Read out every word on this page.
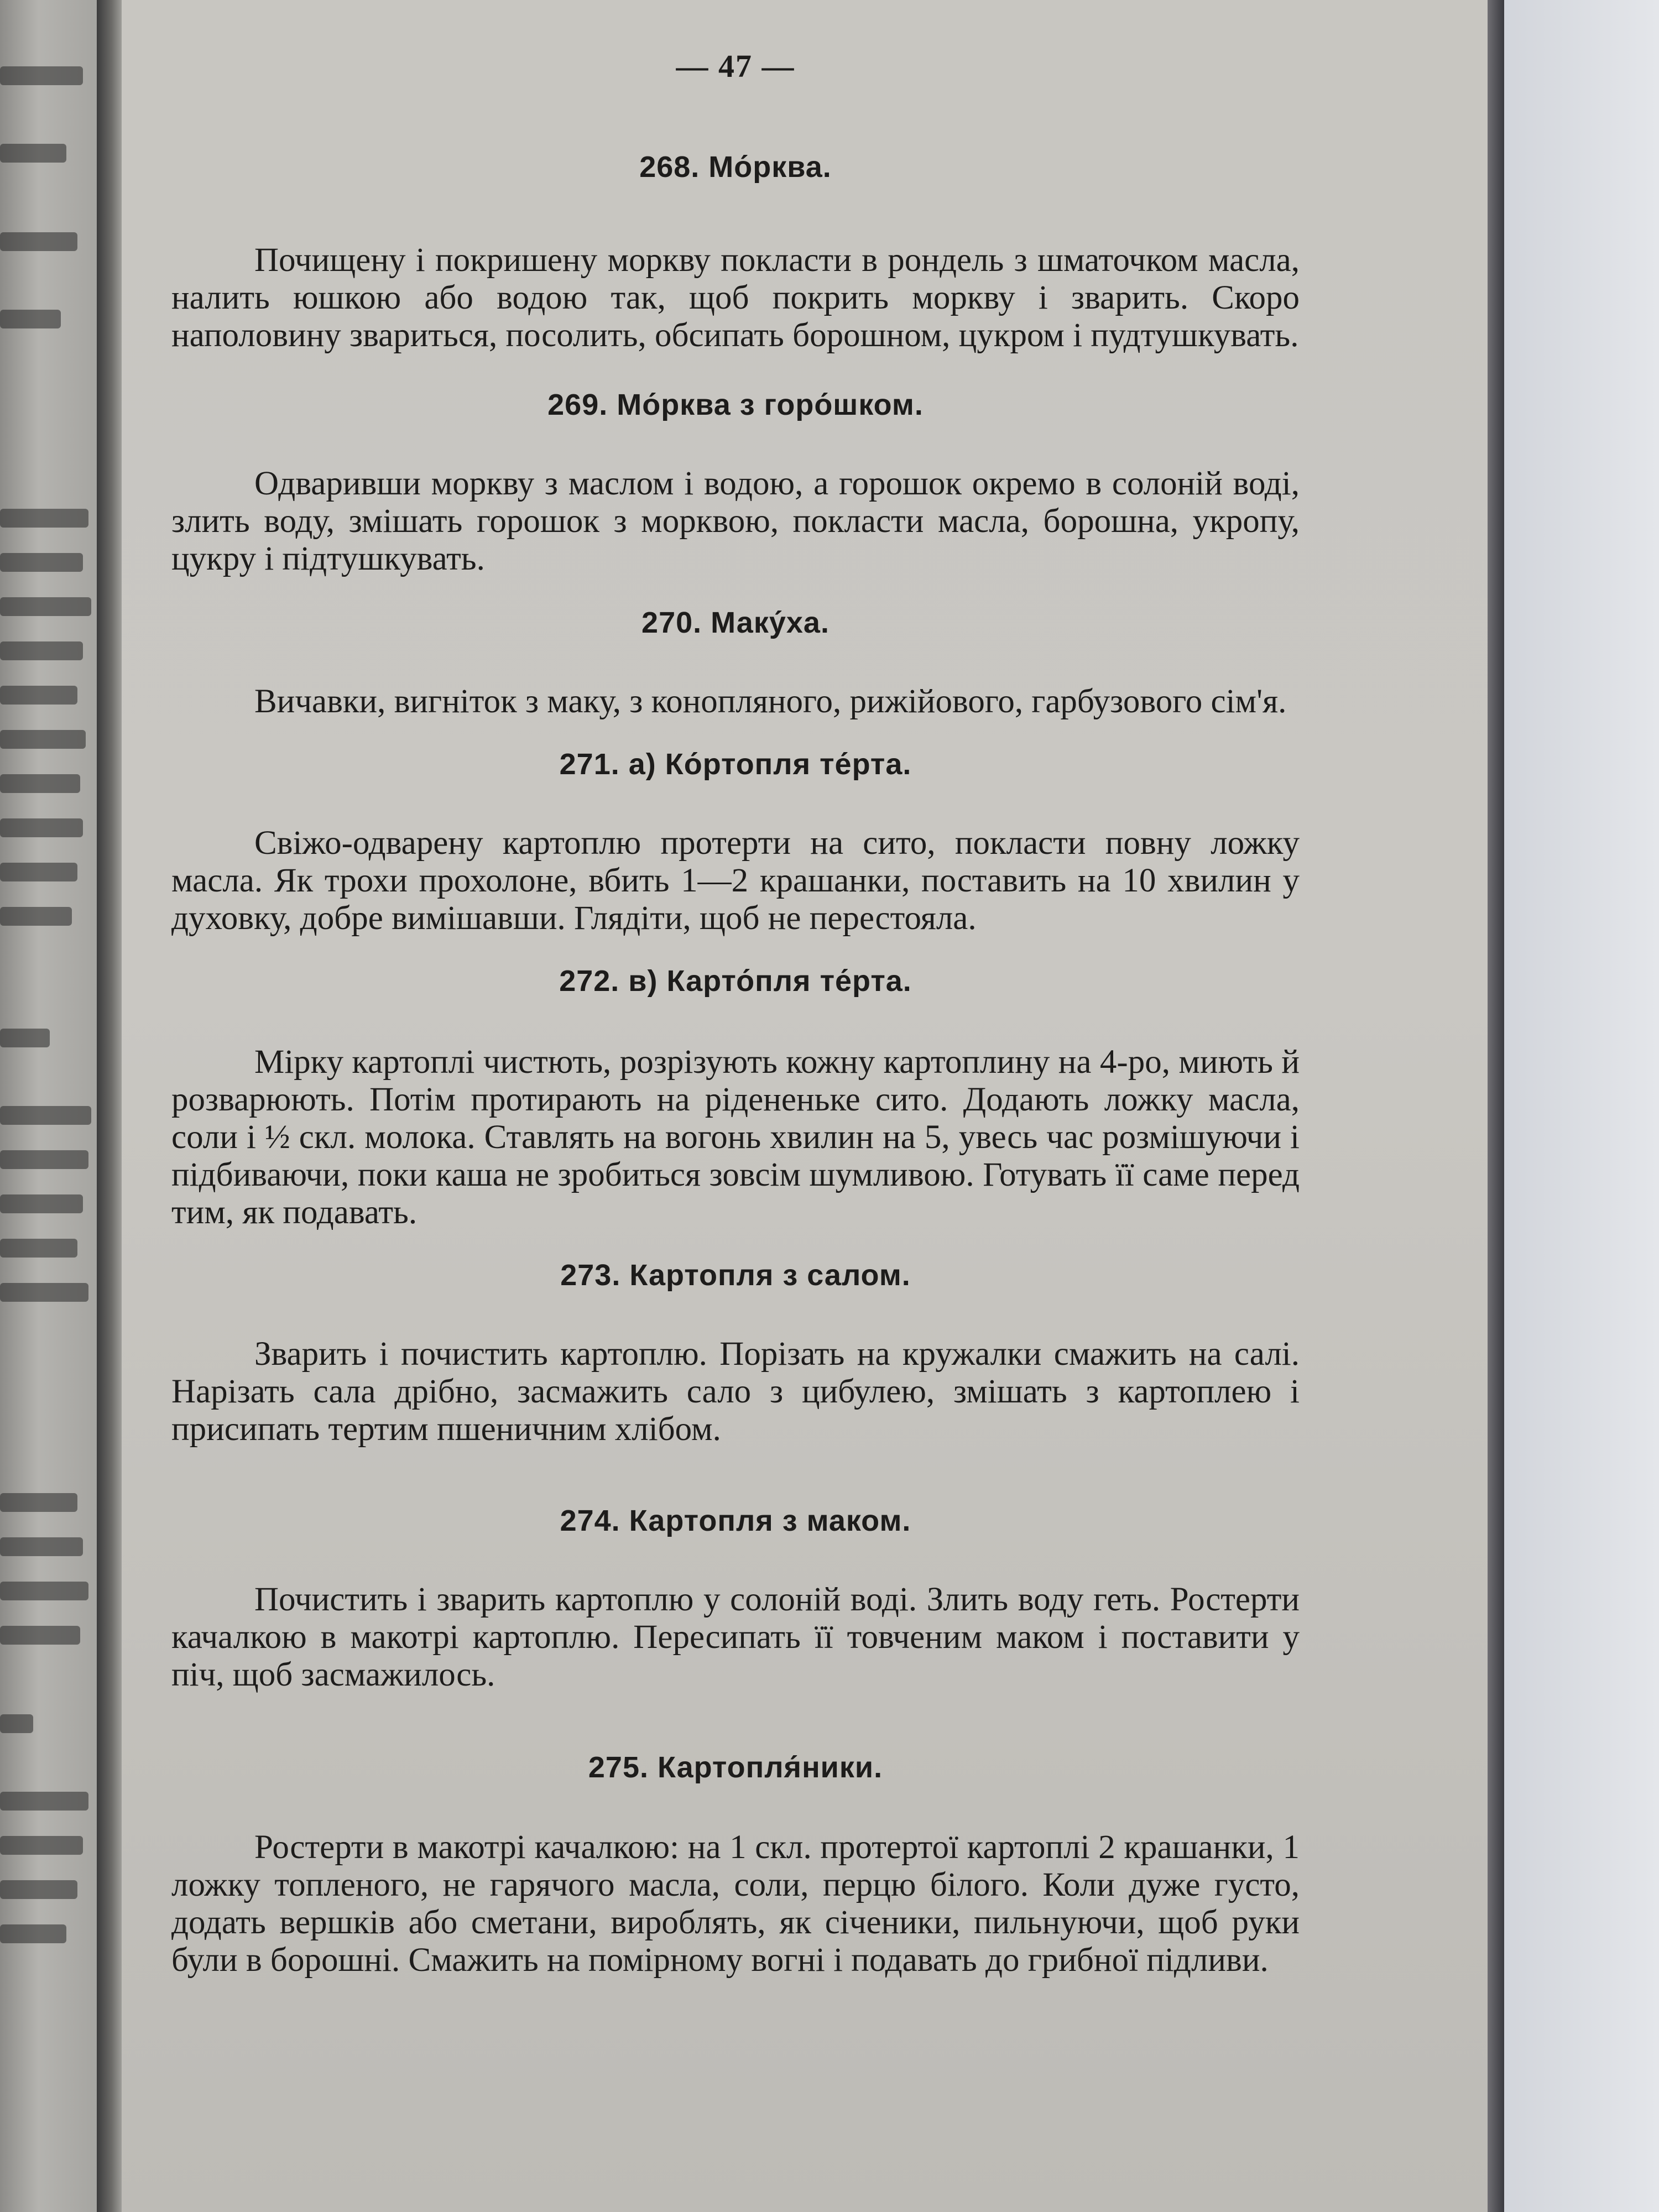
— 47 —
268. Мо́рква.

Почищену і покришену моркву покласти в рондель з шматочком масла, налить юшкою або водою так, щоб покрить моркву і зварить. Скоро наполовину звариться, посолить, обсипать борошном, цукром і пудтушкувать.

269. Мо́рква з горо́шком.

Одваривши моркву з маслом і водою, а горошок окремо в солоній воді, злить воду, змішать горошок з морквою, покласти масла, борошна, укропу, цукру і підтушкувать.

270. Маку́ха.

Вичавки, вигніток з маку, з конопляного, рижійового, гарбузового сім'я.

271. а) Ко́ртопля те́рта.

Свіжо-одварену картоплю протерти на сито, покласти повну ложку масла. Як трохи прохолоне, вбить 1—2 крашанки, поставить на 10 хвилин у духовку, добре вимішавши. Глядіти, щоб не перестояла.

272. в) Карто́пля те́рта.

Мірку картоплі чистють, розрізують кожну картоплину на 4-ро, миють й розварюють. Потім протирають на рідененьке сито. Додають ложку масла, соли і ½ скл. молока. Ставлять на вогонь хвилин на 5, увесь час розмішуючи і підбиваючи, поки каша не зробиться зовсім шумливою. Готувать її саме перед тим, як подавать.

273. Картопля з салом.

Зварить і почистить картоплю. Порізать на кружалки смажить на салі. Нарізать сала дрібно, засмажить сало з цибулею, змішать з картоплею і присипать тертим пшеничним хлібом.

274. Картопля з маком.

Почистить і зварить картоплю у солоній воді. Злить воду геть. Ростерти качалкою в макотрі картоплю. Пересипать її товченим маком і поставити у піч, щоб засмажилось.

275. Картопля́ники.

Ростерти в макотрі качалкою: на 1 скл. протертої картоплі 2 крашанки, 1 ложку топленого, не гарячого масла, соли, перцю білого. Коли дуже густо, додать вершків або сметани, вироблять, як січеники, пильнуючи, щоб руки були в борошні. Смажить на помірному вогні і подавать до грибної підливи.
